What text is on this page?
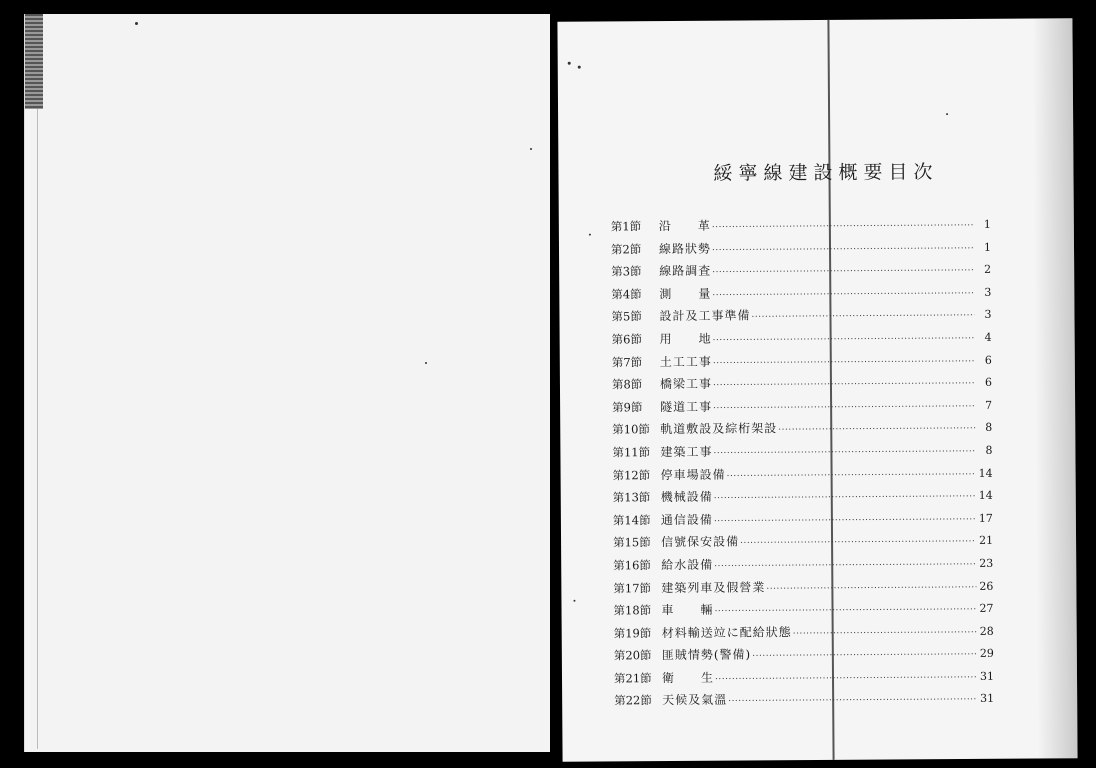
綏寧線建設概要目次
第1節	沿　　革 ·····	1
第2節	線路狀勢 ·····	1
第3節	線路調査 ·····	2
第4節	測　　量 ·····	3
第5節	設計及工事準備 ·····	3
第6節	用　　地 ·····	4
第7節	土工工事 ·····	6
第8節	橋梁工事 ·····	6
第9節	隧道工事 ·····	7
第10節 軌道敷設及綜桁架設 ·····	8
第11節 建築工事 ·····	8
第12節 停車場設備 ·····	14
第13節 機械設備 ·····	14
第14節 通信設備 ·····	17
第15節 信號保安設備 ·····	21
第16節 給水設備 ·····	23
第17節 建築列車及假營業 ·····	26
第18節 車　　輛 ·····	27
第19節 材料輸送竝に配給狀態 ·····	28
第20節 匪賊情勢(警備) ·····	29
第21節 衛　　生 ·····	31
第22節 天候及氣溫 ·····	31
